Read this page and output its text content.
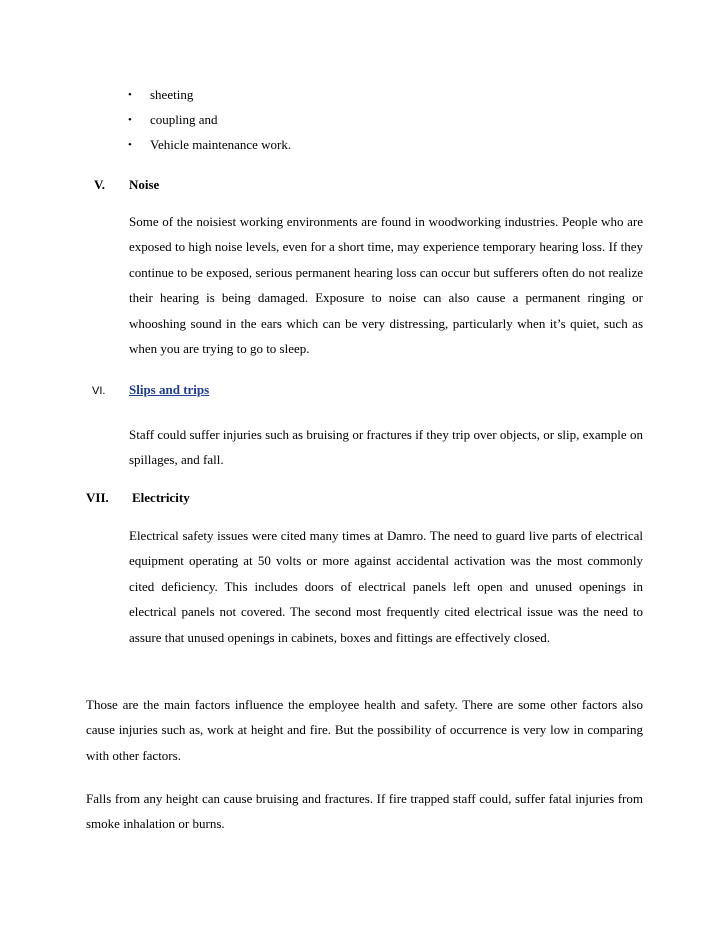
• sheeting
• coupling and
• Vehicle maintenance work.
V. Noise

Some of the noisiest working environments are found in woodworking industries. People who are exposed to high noise levels, even for a short time, may experience temporary hearing loss. If they continue to be exposed, serious permanent hearing loss can occur but sufferers often do not realize their hearing is being damaged. Exposure to noise can also cause a permanent ringing or whooshing sound in the ears which can be very distressing, particularly when it’s quiet, such as when you are trying to go to sleep.

VI. Slips and trips

Staff could suffer injuries such as bruising or fractures if they trip over objects, or slip, example on spillages, and fall.

VII. Electricity

Electrical safety issues were cited many times at Damro. The need to guard live parts of electrical equipment operating at 50 volts or more against accidental activation was the most commonly cited deficiency. This includes doors of electrical panels left open and unused openings in electrical panels not covered. The second most frequently cited electrical issue was the need to assure that unused openings in cabinets, boxes and fittings are effectively closed.

Those are the main factors influence the employee health and safety. There are some other factors also cause injuries such as, work at height and fire. But the possibility of occurrence is very low in comparing with other factors.

Falls from any height can cause bruising and fractures. If fire trapped staff could, suffer fatal injuries from smoke inhalation or burns.
